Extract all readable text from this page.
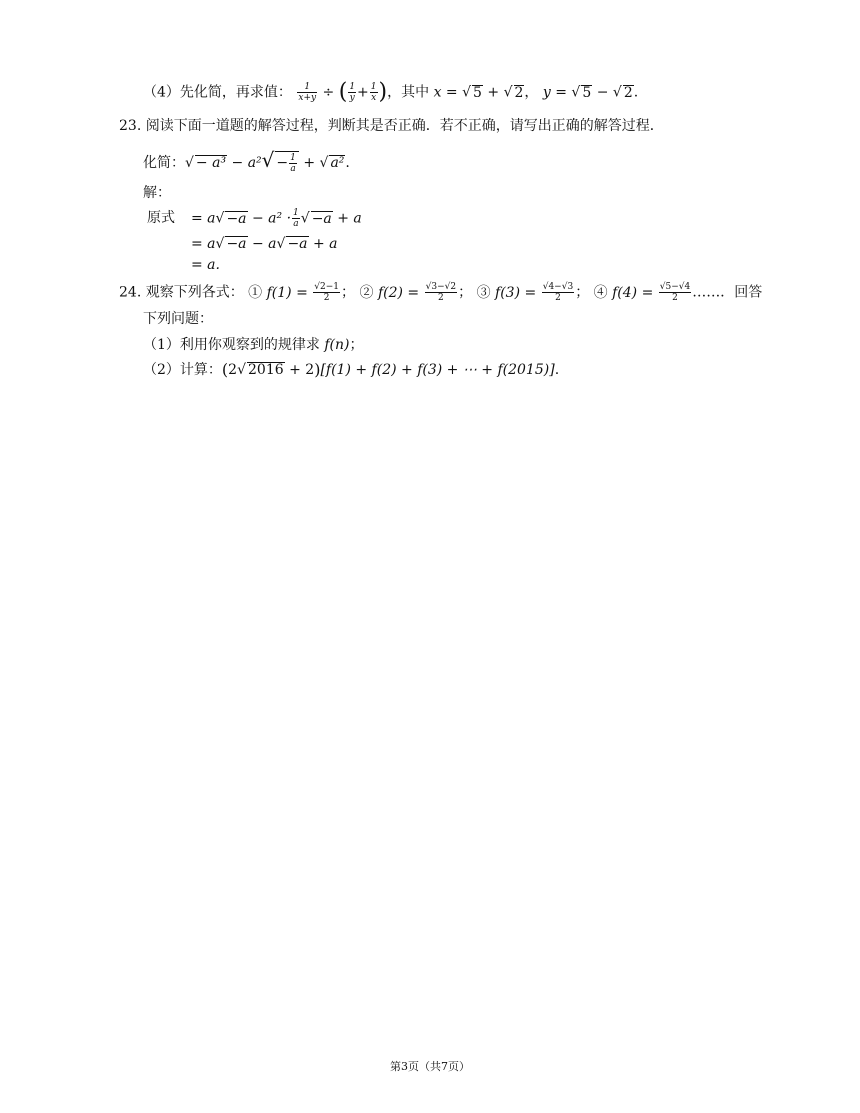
（4）先化简，再求值： $\frac{1}{x+y}$ ÷ ( $\frac{1}{y} + \frac{1}{x}$ )，其中 x = √ 5 + √ 2， y = √ 5 − √ 2.
23. 阅读下面一道题的解答过程，判断其是否正确．若不正确，请写出正确的解答过程．
化简：√ − $a^3 - a^2√ - \frac{1}{a}$ + √ a².
解：
原式 = $a√ -a - a^2 \cdot \frac{1}{a}$ √ −a + a
= a√ −a − a√ −a + a
= a.
24. 观察下列各式： ① $f(1) = \frac{√2-1}{2}$ ； ② $f(2) = \frac{√3-√2}{2}$ ； ③ $f(3) = \frac{√4-√3}{2}$ ； ④ $f(4) = \frac{√5-√4}{2}$ ……．回答
下列问题：
（1）利用你观察到的规律求 f(n)；
（2）计算：(2√ 2016 + 2)[f(1) + f(2) + f(3) + ⋯ + f(2015)].
第3页（共7页）
